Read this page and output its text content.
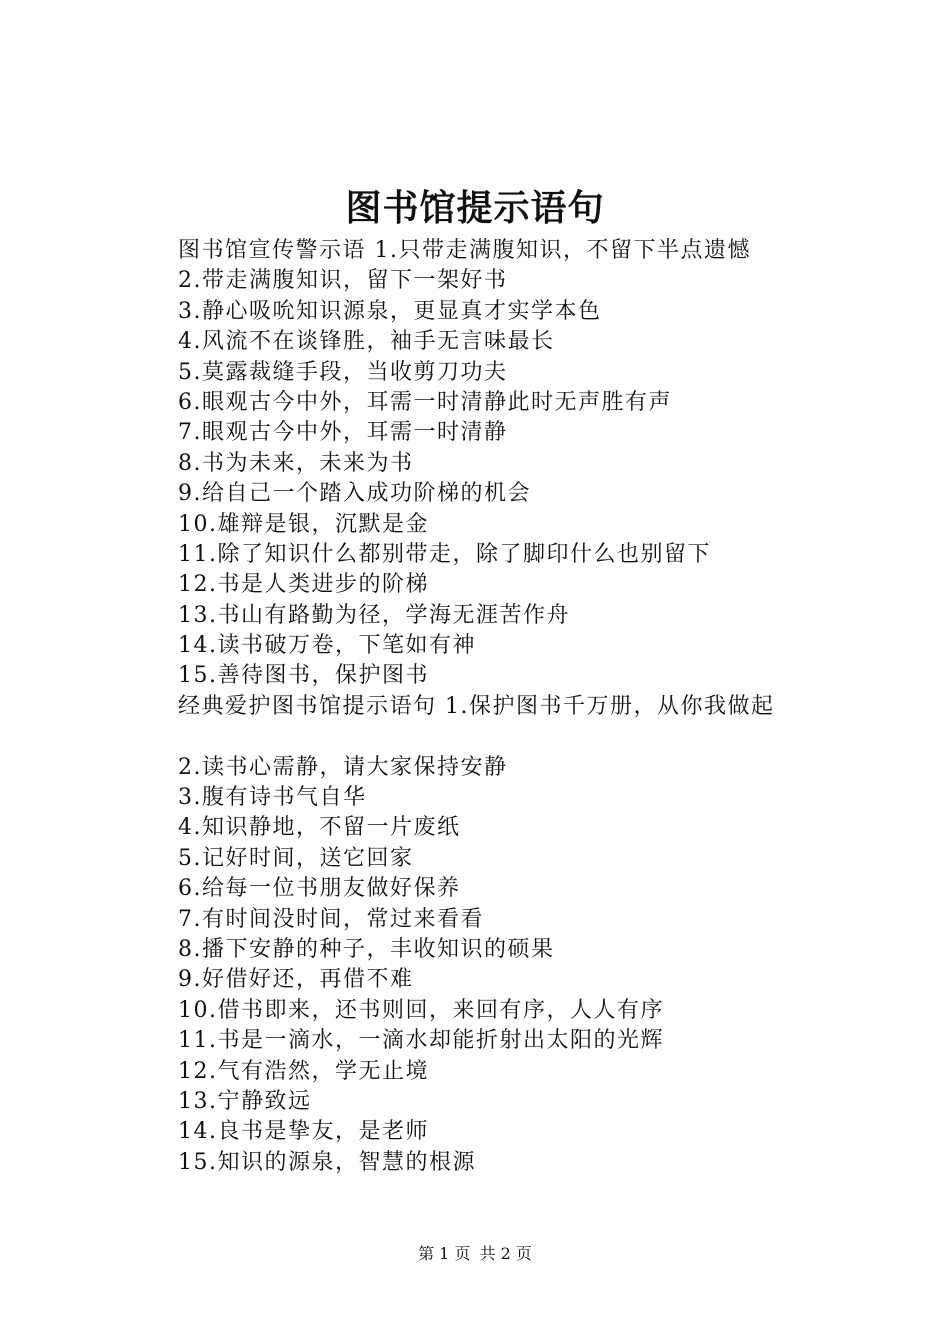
图书馆提示语句
图书馆宣传警示语 1.只带走满腹知识，不留下半点遗憾
2.带走满腹知识，留下一架好书
3.静心吸吮知识源泉，更显真才实学本色
4.风流不在谈锋胜，袖手无言味最长
5.莫露裁缝手段，当收剪刀功夫
6.眼观古今中外，耳需一时清静此时无声胜有声
7.眼观古今中外，耳需一时清静
8.书为未来，未来为书
9.给自己一个踏入成功阶梯的机会
10.雄辩是银，沉默是金
11.除了知识什么都别带走，除了脚印什么也别留下
12.书是人类进步的阶梯
13.书山有路勤为径，学海无涯苦作舟
14.读书破万卷，下笔如有神
15.善待图书，保护图书
经典爱护图书馆提示语句 1.保护图书千万册，从你我做起
2.读书心需静，请大家保持安静
3.腹有诗书气自华
4.知识静地，不留一片废纸
5.记好时间，送它回家
6.给每一位书朋友做好保养
7.有时间没时间，常过来看看
8.播下安静的种子，丰收知识的硕果
9.好借好还，再借不难
10.借书即来，还书则回，来回有序，人人有序
11.书是一滴水，一滴水却能折射出太阳的光辉
12.气有浩然，学无止境
13.宁静致远
14.良书是挚友，是老师
15.知识的源泉，智慧的根源
第 1 页 共 2 页
